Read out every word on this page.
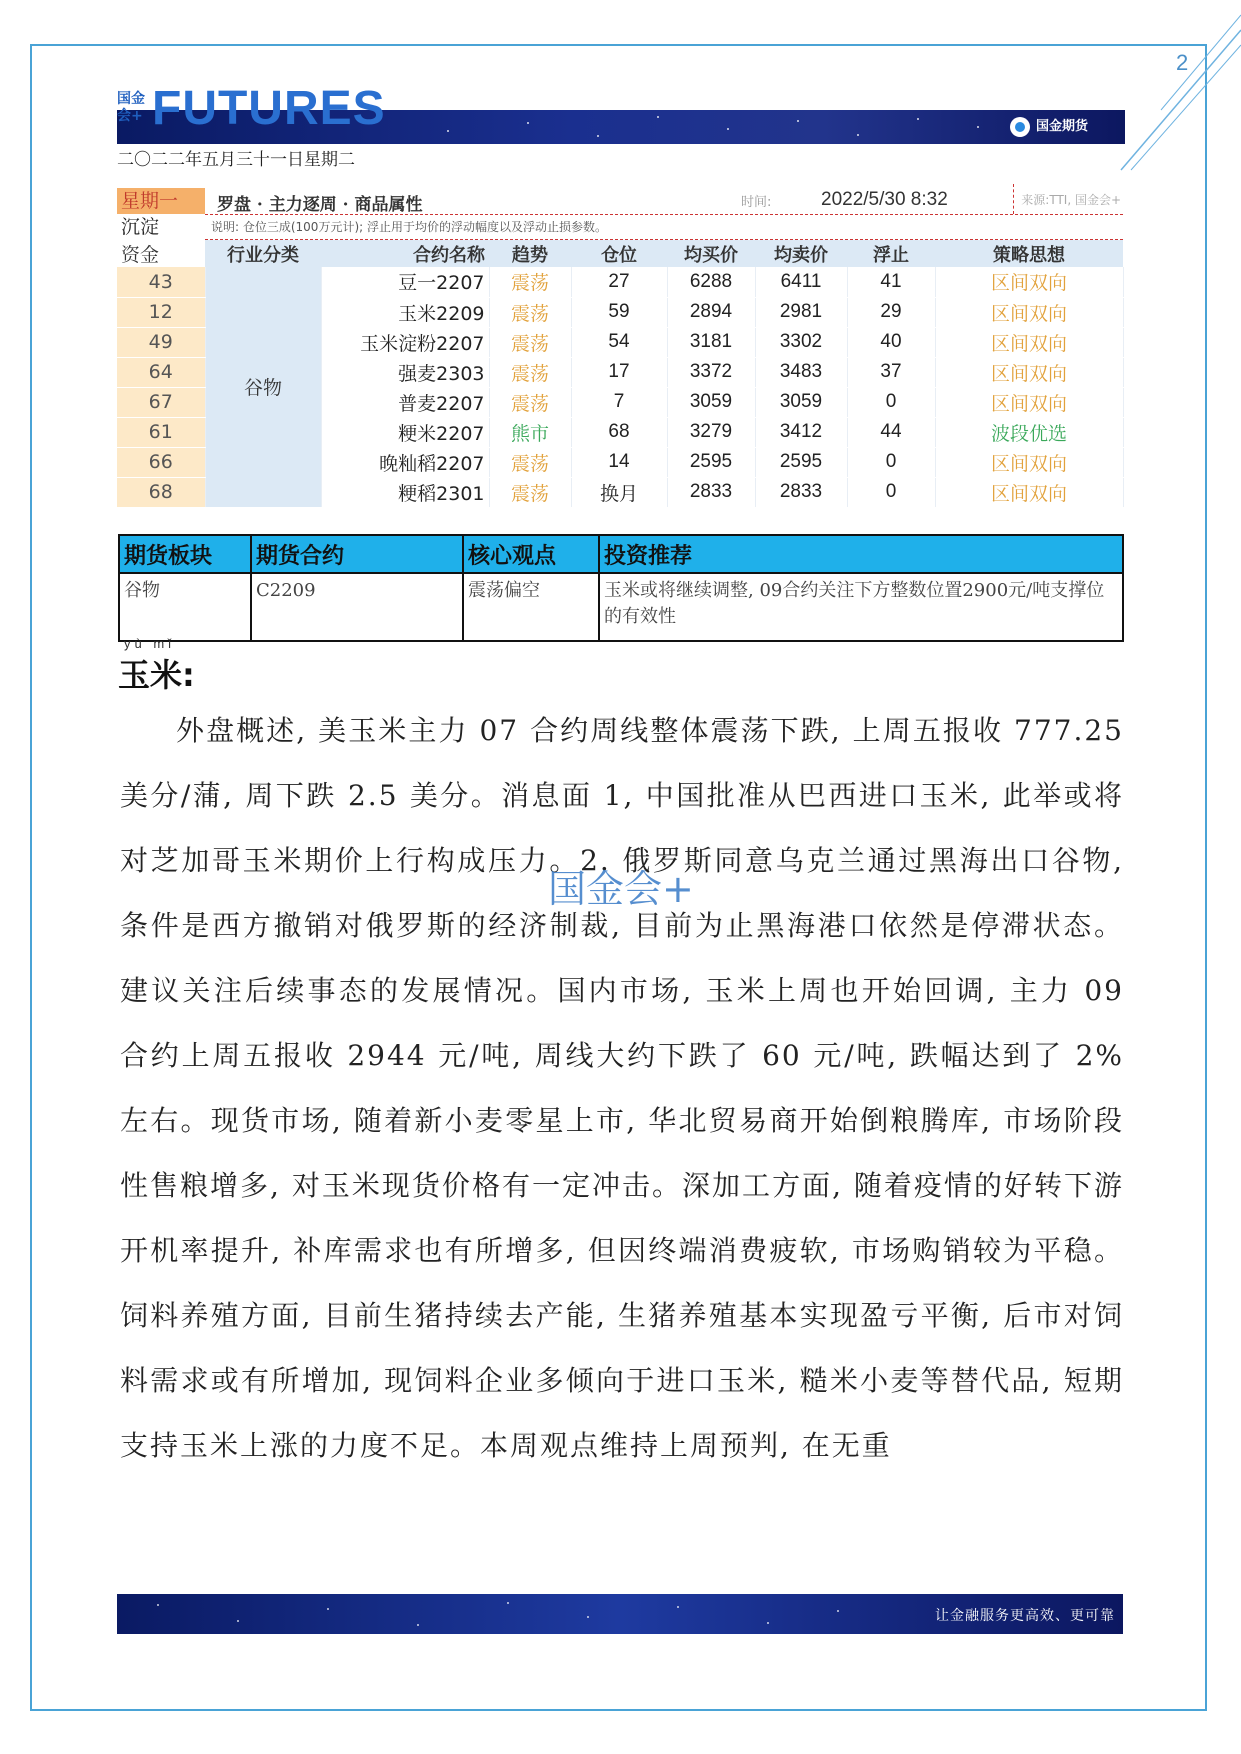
2
国金会+ FUTURES	国金期货
SINOLINK FUTURES
二〇二二年五月三十一日星期二
星期一	罗盘 · 主力逐周 · 商品属性	时间:	2022/5/30 8:32	来源:TTI, 国金会+
沉淀	说明: 仓位三成(100万元计); 浮止用于均价的浮动幅度以及浮动止损参数。
资金	行业分类	合约名称	趋势	仓位	均买价	均卖价	浮止	策略思想
43	谷物	豆一2207	震荡	27	6288	6411	41	区间双向
12		玉米2209	震荡	59	2894	2981	29	区间双向
49		玉米淀粉2207	震荡	54	3181	3302	40	区间双向
64		强麦2303	震荡	17	3372	3483	37	区间双向
67		普麦2207	震荡	7	3059	3059	0	区间双向
61		粳米2207	熊市	68	3279	3412	44	波段优选
66		晚籼稻2207	震荡	14	2595	2595	0	区间双向
68		粳稻2301	震荡	换月	2833	2833	0	区间双向
期货板块	期货合约	核心观点	投资推荐
谷物	C2209	震荡偏空	玉米或将继续调整, 09合约关注下方整数位置2900元/吨支撑位的有效性
yù mǐ
玉米:

外盘概述, 美玉米主力 07 合约周线整体震荡下跌, 上周五报收 777.25 美分/蒲, 周下跌 2.5 美分。消息面 1, 中国批准从巴西进口玉米, 此举或将对芝加哥玉米期价上行构成压力。2. 俄罗斯同意乌克兰通过黑海出口谷物, 条件是西方撤销对俄罗斯的经济制裁, 目前为止黑海港口依然是停滞状态。建议关注后续事态的发展情况。国内市场, 玉米上周也开始回调, 主力 09 合约上周五报收 2944 元/吨, 周线大约下跌了 60 元/吨, 跌幅达到了 2%左右。现货市场, 随着新小麦零星上市, 华北贸易商开始倒粮腾库, 市场阶段性售粮增多, 对玉米现货价格有一定冲击。深加工方面, 随着疫情的好转下游开机率提升, 补库需求也有所增多, 但因终端消费疲软, 市场购销较为平稳。饲料养殖方面, 目前生猪持续去产能, 生猪养殖基本实现盈亏平衡, 后市对饲料需求或有所增加, 现饲料企业多倾向于进口玉米, 糙米小麦等替代品, 短期支持玉米上涨的力度不足。本周观点维持上周预判, 在无重

国金会+
让金融服务更高效、更可靠
